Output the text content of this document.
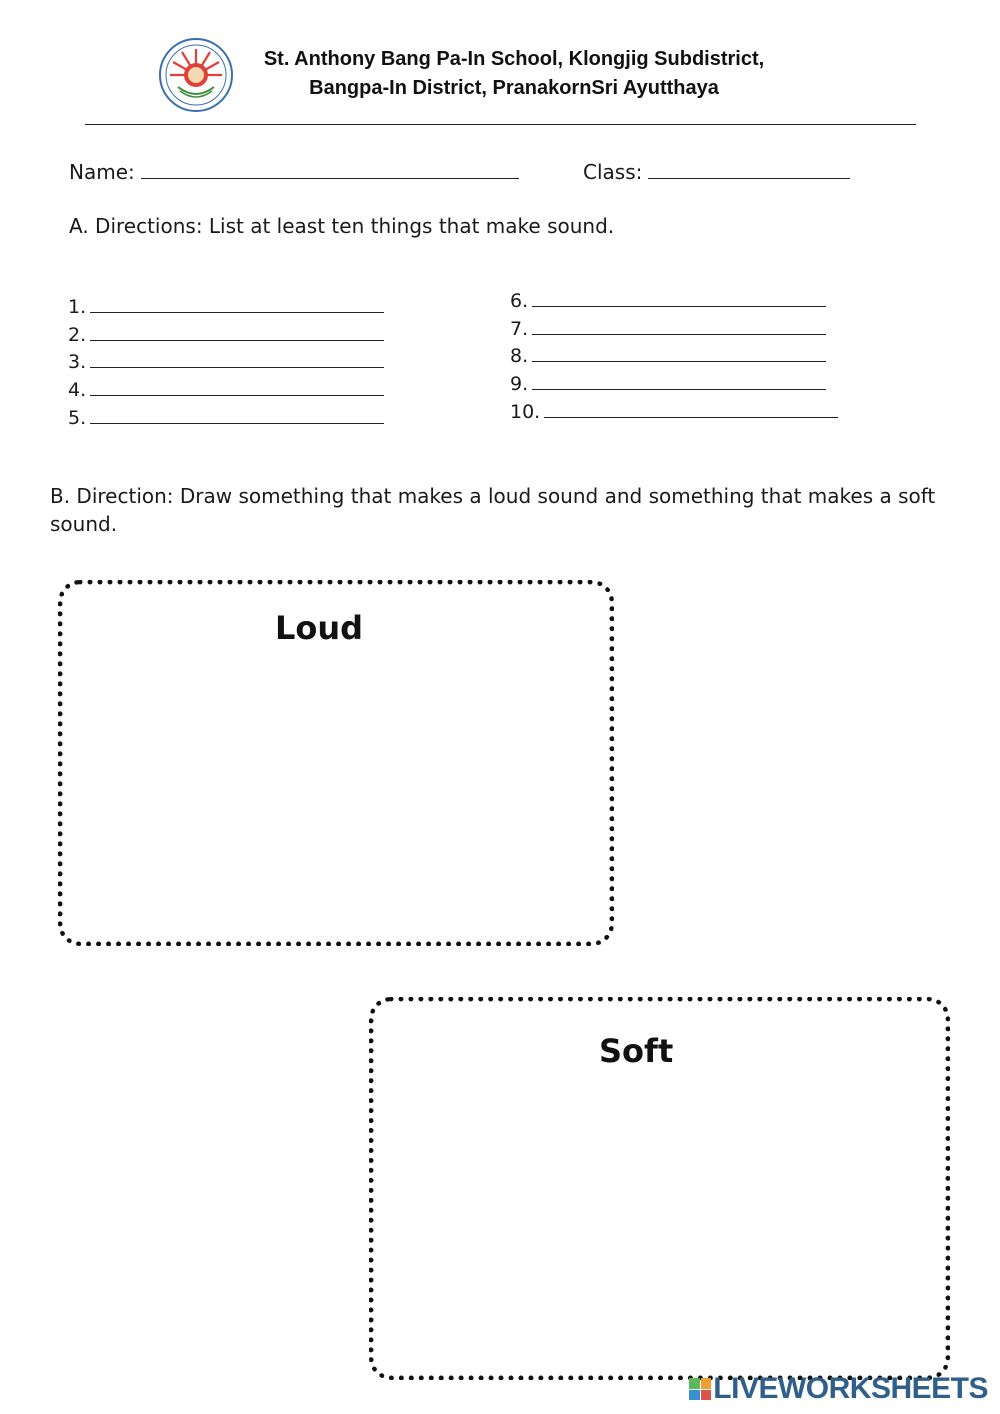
St. Anthony Bang Pa-In School, Klongjig Subdistrict,
Bangpa-In District, PranakornSri Ayutthaya
Name:	Class:
A. Directions: List at least ten things that make sound.
1.
2.
3.
4.
5.
6.
7.
8.
9.
10.
B. Direction: Draw something that makes a loud sound and something that makes a soft
sound.
Loud
Soft
LIVEWORKSHEETS
